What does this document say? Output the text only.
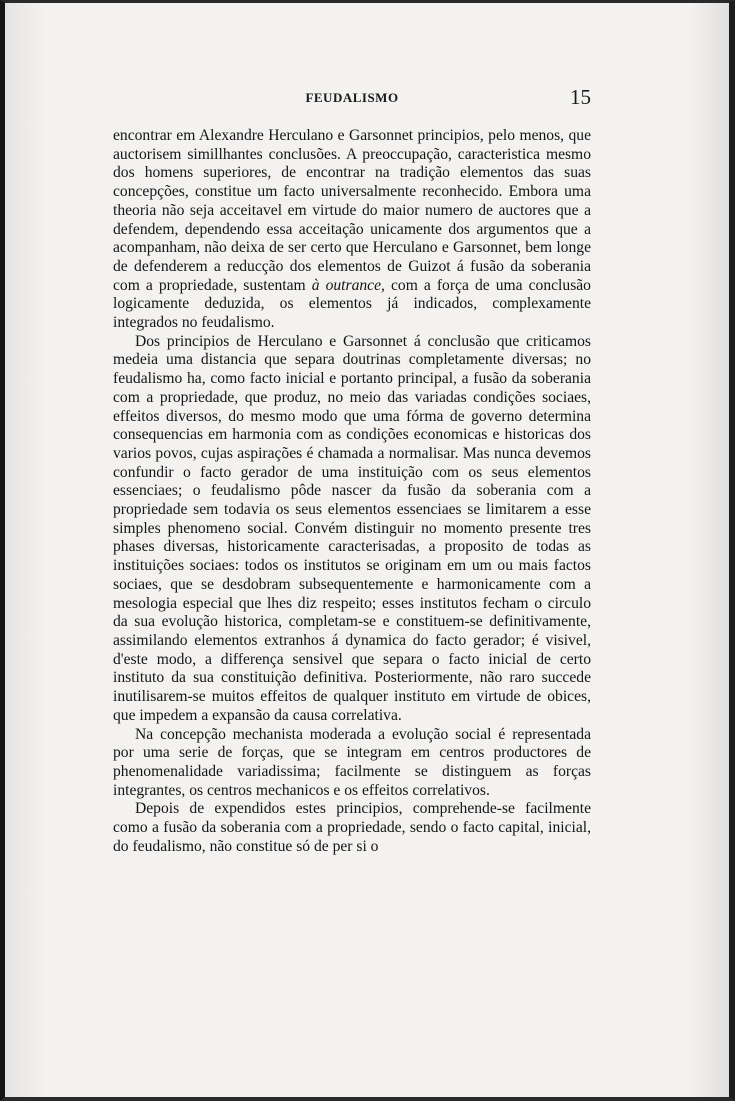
FEUDALISMO	15

encontrar em Alexandre Herculano e Garsonnet principios, pelo menos, que auctorisem simillhantes conclusões. A preoccupação, caracteristica mesmo dos homens superiores, de encontrar na tradição elementos das suas concepções, constitue um facto universalmente reconhecido. Embora uma theoria não seja acceitavel em virtude do maior numero de auctores que a defendem, dependendo essa acceitação unicamente dos argumentos que a acompanham, não deixa de ser certo que Herculano e Garsonnet, bem longe de defenderem a reducção dos elementos de Guizot á fusão da soberania com a propriedade, sustentam à outrance, com a força de uma conclusão logicamente deduzida, os elementos já indicados, complexamente integrados no feudalismo.

Dos principios de Herculano e Garsonnet á conclusão que criticamos medeia uma distancia que separa doutrinas completamente diversas; no feudalismo ha, como facto inicial e portanto principal, a fusão da soberania com a propriedade, que produz, no meio das variadas condições sociaes, effeitos diversos, do mesmo modo que uma fórma de governo determina consequencias em harmonia com as condições economicas e historicas dos varios povos, cujas aspirações é chamada a normalisar. Mas nunca devemos confundir o facto gerador de uma instituição com os seus elementos essenciaes; o feudalismo pôde nascer da fusão da soberania com a propriedade sem todavia os seus elementos essenciaes se limitarem a esse simples phenomeno social. Convém distinguir no momento presente tres phases diversas, historicamente caracterisadas, a proposito de todas as instituições sociaes: todos os institutos se originam em um ou mais factos sociaes, que se desdobram subsequentemente e harmonicamente com a mesologia especial que lhes diz respeito; esses institutos fecham o circulo da sua evolução historica, completam-se e constituem-se definitivamente, assimilando elementos extranhos á dynamica do facto gerador; é visivel, d'este modo, a differença sensivel que separa o facto inicial de certo instituto da sua constituição definitiva. Posteriormente, não raro succede inutilisarem-se muitos effeitos de qualquer instituto em virtude de obices, que impedem a expansão da causa correlativa.

Na concepção mechanista moderada a evolução social é representada por uma serie de forças, que se integram em centros productores de phenomenalidade variadissima; facilmente se distinguem as forças integrantes, os centros mechanicos e os effeitos correlativos.

Depois de expendidos estes principios, comprehende-se facilmente como a fusão da soberania com a propriedade, sendo o facto capital, inicial, do feudalismo, não constitue só de per si o
